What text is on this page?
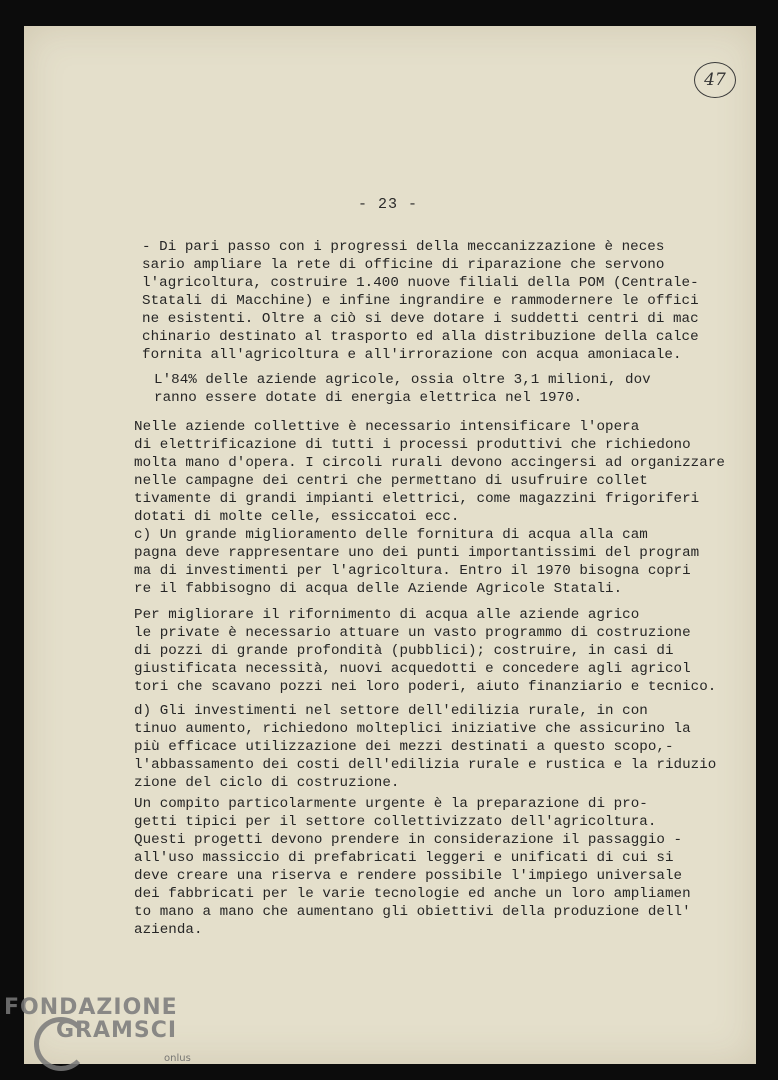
47
- 23 -
- Di pari passo con i progressi della meccanizzazione è neces
sario ampliare la rete di officine di riparazione che servono
l'agricoltura, costruire 1.400 nuove filiali della POM (Centrale-
Statali di Macchine) e infine ingrandire e rammodernere le offici
ne esistenti. Oltre a ciò si deve dotare i suddetti centri di mac
chinario destinato al trasporto ed alla distribuzione della calce
fornita all'agricoltura e all'irrorazione con acqua amoniacale.
L'84% delle aziende agricole, ossia oltre 3,1 milioni, dov
ranno essere dotate di energia elettrica nel 1970.
Nelle aziende collettive è necessario intensificare l'opera
di elettrificazione di tutti i processi produttivi che richiedono
molta mano d'opera. I circoli rurali devono accingersi ad organizzare
nelle campagne dei centri che permettano di usufruire collet
tivamente di grandi impianti elettrici, come magazzini frigoriferi
dotati di molte celle, essiccatoi ecc.
c) Un grande miglioramento delle fornitura di acqua alla cam
pagna deve rappresentare uno dei punti importantissimi del program
ma di investimenti per l'agricoltura. Entro il 1970 bisogna copri
re il fabbisogno di acqua delle Aziende Agricole Statali.
Per migliorare il rifornimento di acqua alle aziende agrico
le private è necessario attuare un vasto programmo di costruzione
di pozzi di grande profondità (pubblici); costruire, in casi di
giustificata necessità, nuovi acquedotti e concedere agli agricol
tori che scavano pozzi nei loro poderi, aiuto finanziario e tecnico.
d) Gli investimenti nel settore dell'edilizia rurale, in con
tinuo aumento, richiedono molteplici iniziative che assicurino la
più efficace utilizzazione dei mezzi destinati a questo scopo,-
l'abbassamento dei costi dell'edilizia rurale e rustica e la riduzio
zione del ciclo di costruzione.
Un compito particolarmente urgente è la preparazione di pro-
getti tipici per il settore collettivizzato dell'agricoltura.
Questi progetti devono prendere in considerazione il passaggio -
all'uso massiccio di prefabricati leggeri e unificati di cui si
deve creare una riserva e rendere possibile l'impiego universale
dei fabbricati per le varie tecnologie ed anche un loro ampliamen
to mano a mano che aumentano gli obiettivi della produzione dell'
azienda.
FONDAZIONE
GRAMSCI
onlus
